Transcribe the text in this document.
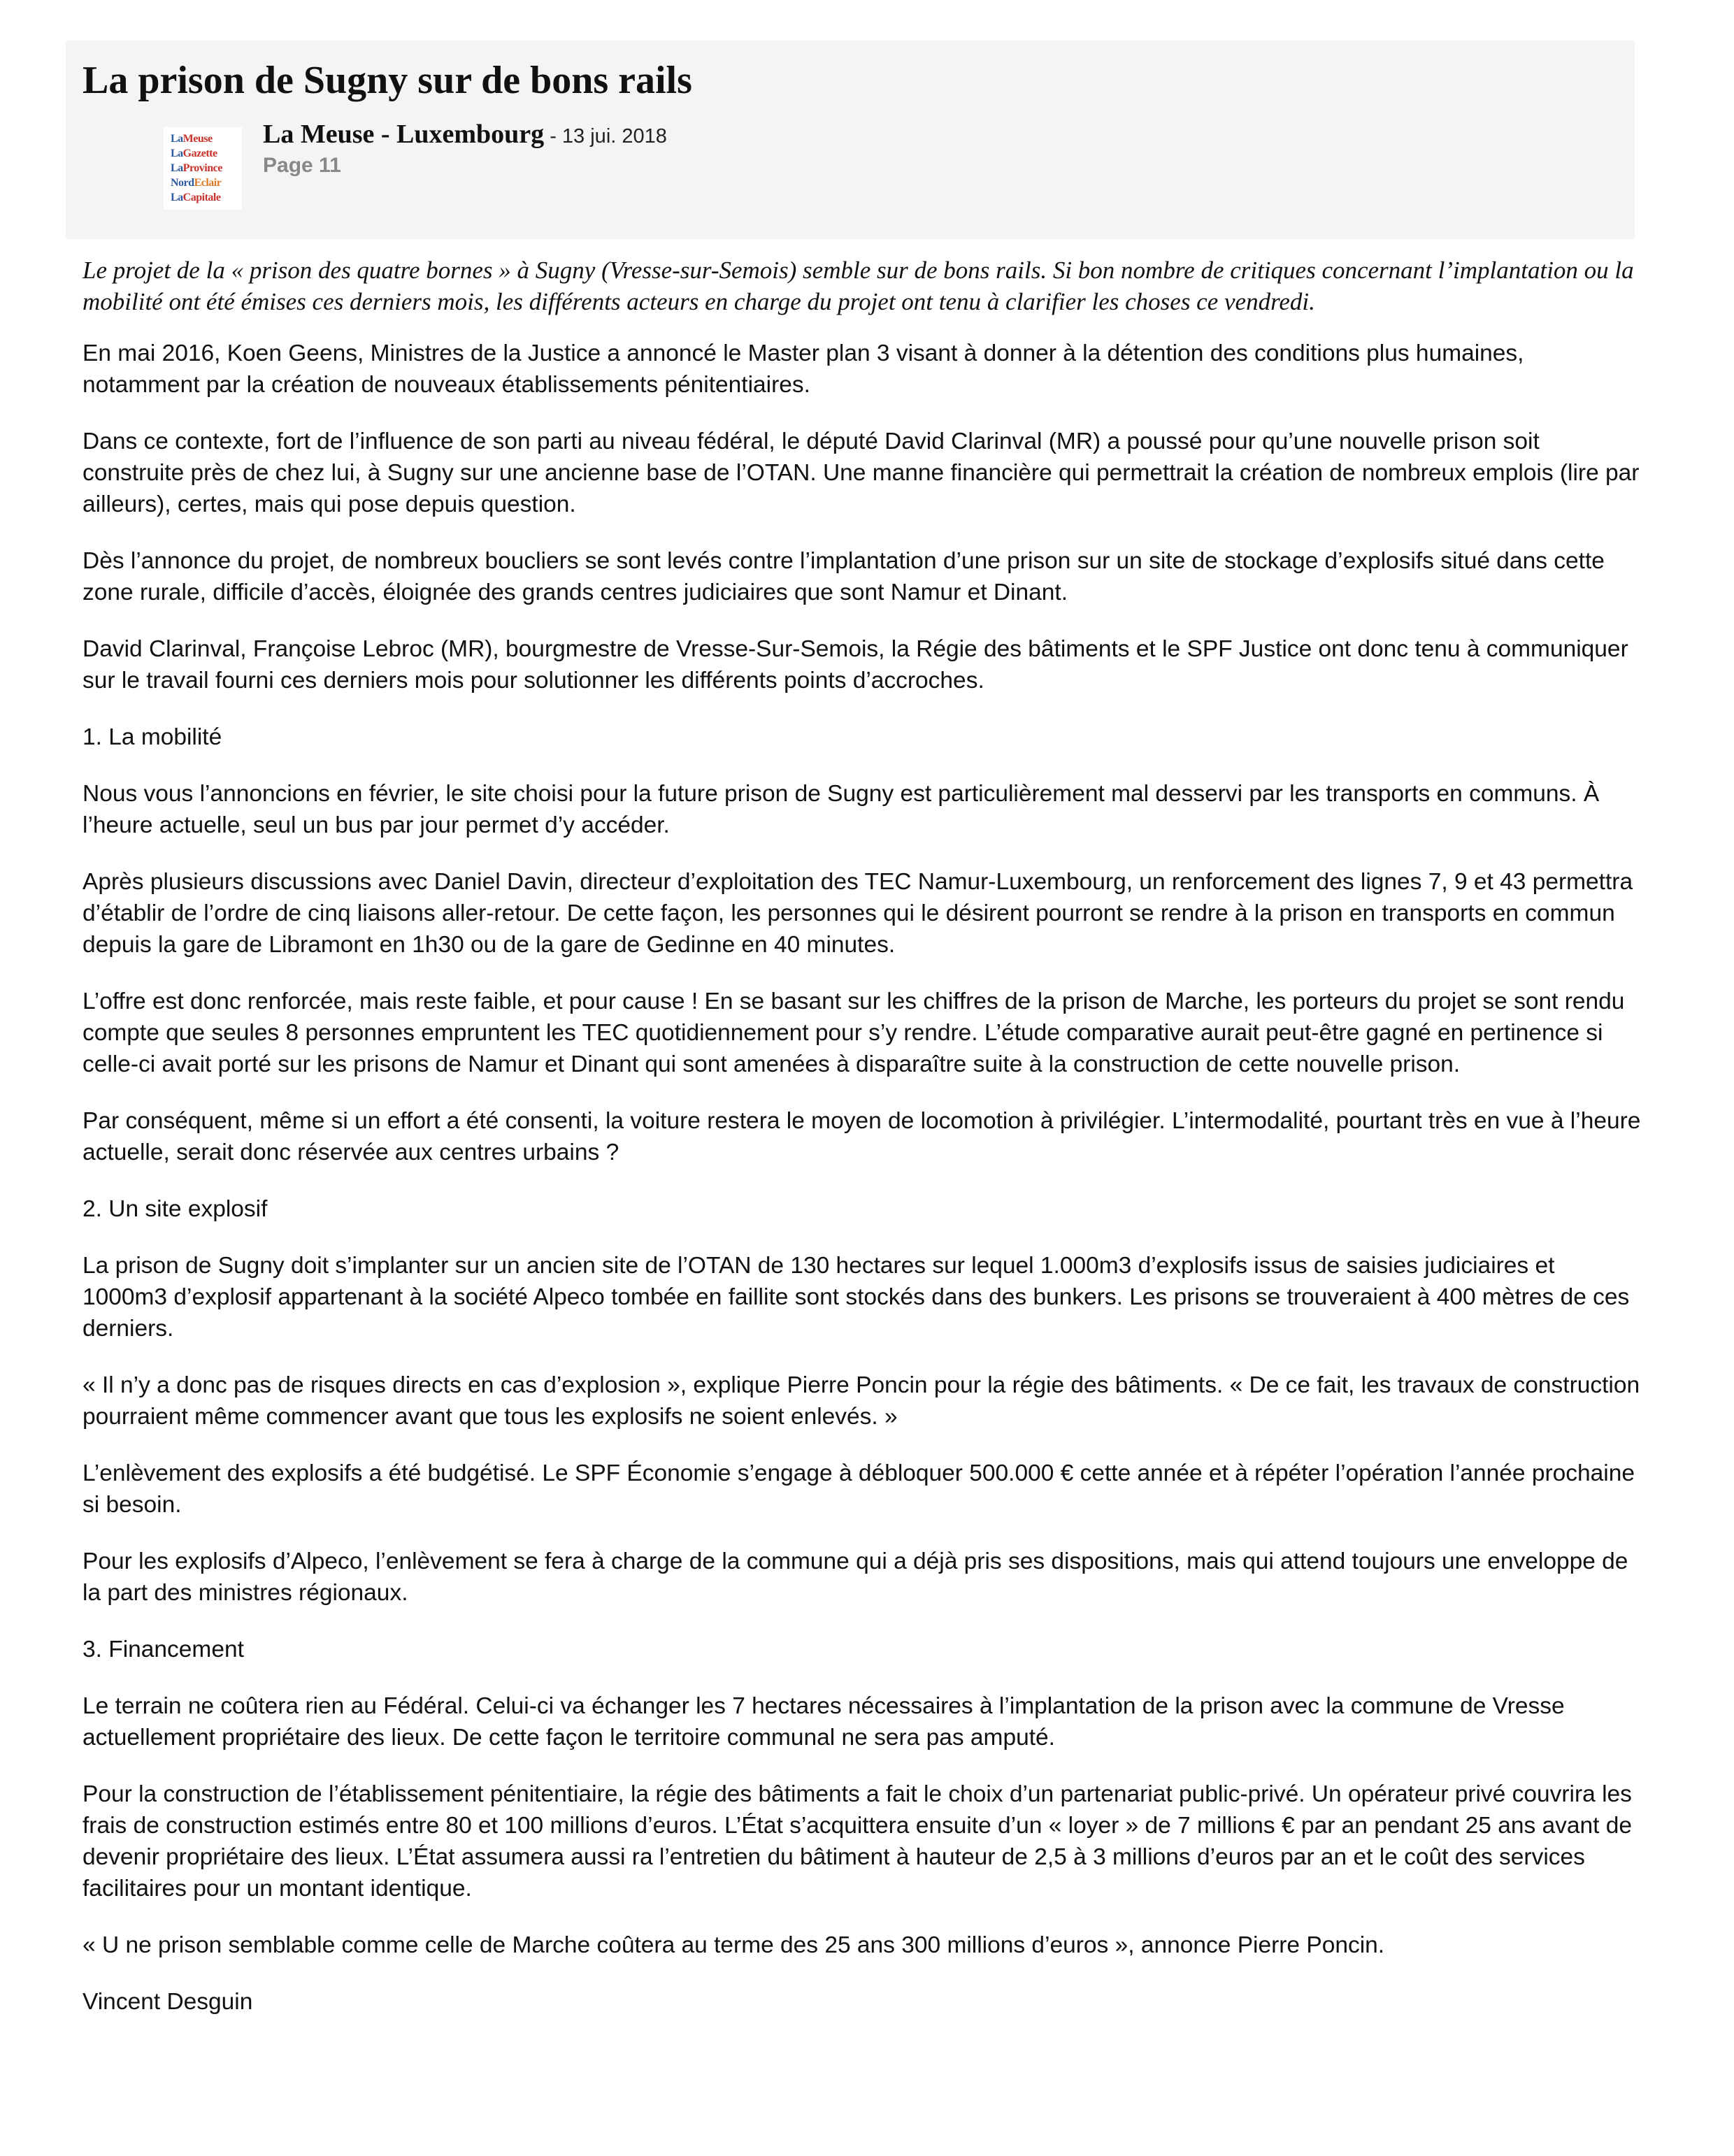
La prison de Sugny sur de bons rails
LaMeuse
LaGazette
LaProvince
NordEclair
LaCapitale
La Meuse - Luxembourg - 13 jui. 2018
Page 11

Le projet de la « prison des quatre bornes » à Sugny (Vresse-sur-Semois) semble sur de bons rails. Si bon nombre de critiques concernant l’implantation ou la mobilité ont été émises ces derniers mois, les différents acteurs en charge du projet ont tenu à clarifier les choses ce vendredi.

En mai 2016, Koen Geens, Ministres de la Justice a annoncé le Master plan 3 visant à donner à la détention des conditions plus humaines, notamment par la création de nouveaux établissements pénitentiaires.

Dans ce contexte, fort de l’influence de son parti au niveau fédéral, le député David Clarinval (MR) a poussé pour qu’une nouvelle prison soit construite près de chez lui, à Sugny sur une ancienne base de l’OTAN. Une manne financière qui permettrait la création de nombreux emplois (lire par ailleurs), certes, mais qui pose depuis question.

Dès l’annonce du projet, de nombreux boucliers se sont levés contre l’implantation d’une prison sur un site de stockage d’explosifs situé dans cette zone rurale, difficile d’accès, éloignée des grands centres judiciaires que sont Namur et Dinant.

David Clarinval, Françoise Lebroc (MR), bourgmestre de Vresse-Sur-Semois, la Régie des bâtiments et le SPF Justice ont donc tenu à communiquer sur le travail fourni ces derniers mois pour solutionner les différents points d’accroches.

1. La mobilité

Nous vous l’annoncions en février, le site choisi pour la future prison de Sugny est particulièrement mal desservi par les transports en communs. À l’heure actuelle, seul un bus par jour permet d’y accéder.

Après plusieurs discussions avec Daniel Davin, directeur d’exploitation des TEC Namur-Luxembourg, un renforcement des lignes 7, 9 et 43 permettra d’établir de l’ordre de cinq liaisons aller-retour. De cette façon, les personnes qui le désirent pourront se rendre à la prison en transports en commun depuis la gare de Libramont en 1h30 ou de la gare de Gedinne en 40 minutes.

L’offre est donc renforcée, mais reste faible, et pour cause ! En se basant sur les chiffres de la prison de Marche, les porteurs du projet se sont rendu compte que seules 8 personnes empruntent les TEC quotidiennement pour s’y rendre. L’étude comparative aurait peut-être gagné en pertinence si celle-ci avait porté sur les prisons de Namur et Dinant qui sont amenées à disparaître suite à la construction de cette nouvelle prison.

Par conséquent, même si un effort a été consenti, la voiture restera le moyen de locomotion à privilégier. L’intermodalité, pourtant très en vue à l’heure actuelle, serait donc réservée aux centres urbains ?

2. Un site explosif

La prison de Sugny doit s’implanter sur un ancien site de l’OTAN de 130 hectares sur lequel 1.000m3 d’explosifs issus de saisies judiciaires et 1000m3 d’explosif appartenant à la société Alpeco tombée en faillite sont stockés dans des bunkers. Les prisons se trouveraient à 400 mètres de ces derniers.

« Il n’y a donc pas de risques directs en cas d’explosion », explique Pierre Poncin pour la régie des bâtiments. « De ce fait, les travaux de construction pourraient même commencer avant que tous les explosifs ne soient enlevés. »

L’enlèvement des explosifs a été budgétisé. Le SPF Économie s’engage à débloquer 500.000 € cette année et à répéter l’opération l’année prochaine si besoin.

Pour les explosifs d’Alpeco, l’enlèvement se fera à charge de la commune qui a déjà pris ses dispositions, mais qui attend toujours une enveloppe de la part des ministres régionaux.

3. Financement

Le terrain ne coûtera rien au Fédéral. Celui-ci va échanger les 7 hectares nécessaires à l’implantation de la prison avec la commune de Vresse actuellement propriétaire des lieux. De cette façon le territoire communal ne sera pas amputé.

Pour la construction de l’établissement pénitentiaire, la régie des bâtiments a fait le choix d’un partenariat public-privé. Un opérateur privé couvrira les frais de construction estimés entre 80 et 100 millions d’euros. L’État s’acquittera ensuite d’un « loyer » de 7 millions € par an pendant 25 ans avant de devenir propriétaire des lieux. L’État assumera aussi ra l’entretien du bâtiment à hauteur de 2,5 à 3 millions d’euros par an et le coût des services facilitaires pour un montant identique.

« U ne prison semblable comme celle de Marche coûtera au terme des 25 ans 300 millions d’euros », annonce Pierre Poncin.

Vincent Desguin
